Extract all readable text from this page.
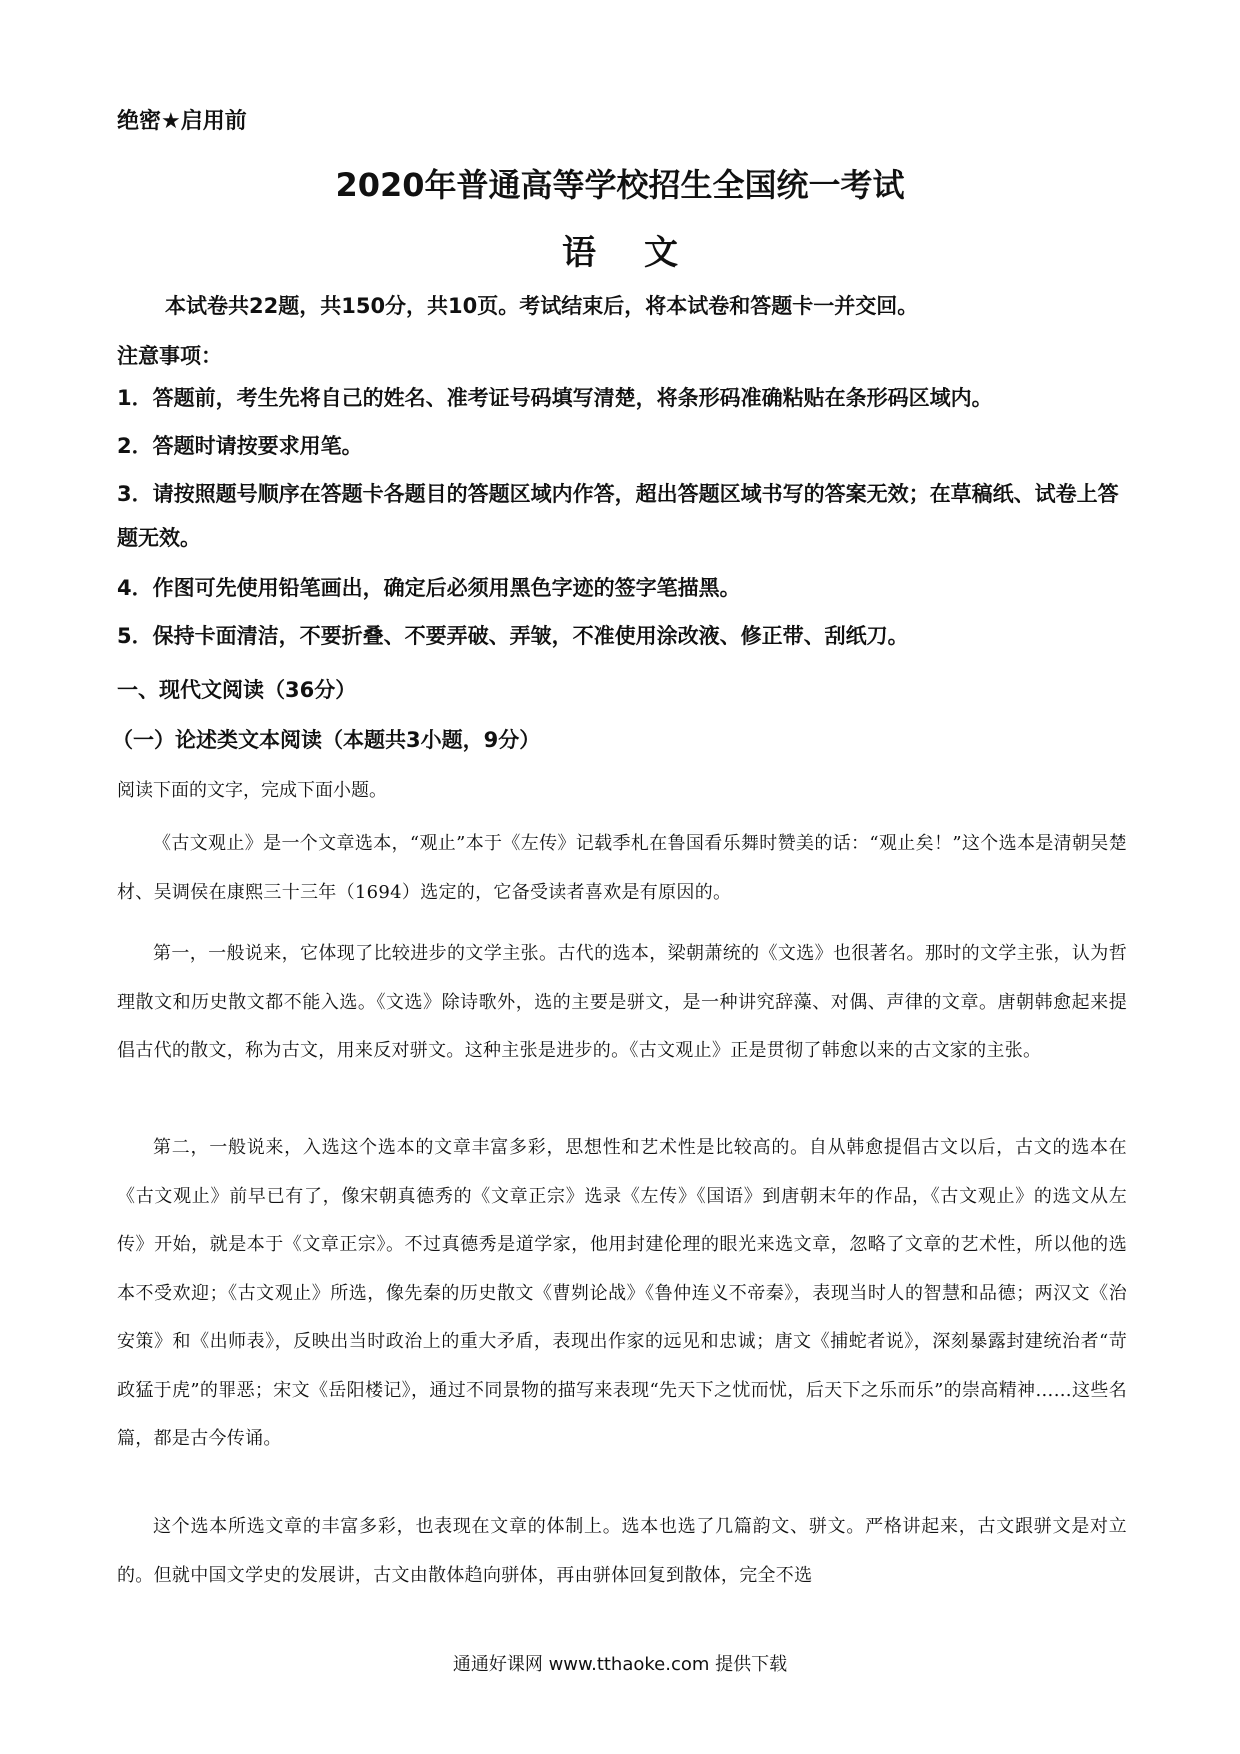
绝密★启用前
2020年普通高等学校招生全国统一考试
语文
本试卷共22题，共150分，共10页。考试结束后，将本试卷和答题卡一并交回。
注意事项：
1．答题前，考生先将自己的姓名、准考证号码填写清楚，将条形码准确粘贴在条形码区域内。
2．答题时请按要求用笔。
3．请按照题号顺序在答题卡各题目的答题区域内作答，超出答题区域书写的答案无效；在草稿纸、试卷上答题无效。
4．作图可先使用铅笔画出，确定后必须用黑色字迹的签字笔描黑。
5．保持卡面清洁，不要折叠、不要弄破、弄皱，不准使用涂改液、修正带、刮纸刀。
一、现代文阅读（36分）
（一）论述类文本阅读（本题共3小题，9分）
阅读下面的文字，完成下面小题。
《古文观止》是一个文章选本，“观止”本于《左传》记载季札在鲁国看乐舞时赞美的话：“观止矣！”这个选本是清朝吴楚材、吴调侯在康熙三十三年（1694）选定的，它备受读者喜欢是有原因的。
第一，一般说来，它体现了比较进步的文学主张。古代的选本，梁朝萧统的《文选》也很著名。那时的文学主张，认为哲理散文和历史散文都不能入选。《文选》除诗歌外，选的主要是骈文，是一种讲究辞藻、对偶、声律的文章。唐朝韩愈起来提倡古代的散文，称为古文，用来反对骈文。这种主张是进步的。《古文观止》正是贯彻了韩愈以来的古文家的主张。
第二，一般说来，入选这个选本的文章丰富多彩，思想性和艺术性是比较高的。自从韩愈提倡古文以后，古文的选本在《古文观止》前早已有了，像宋朝真德秀的《文章正宗》选录《左传》《国语》到唐朝末年的作品，《古文观止》的选文从左传》开始，就是本于《文章正宗》。不过真德秀是道学家，他用封建伦理的眼光来选文章，忽略了文章的艺术性，所以他的选本不受欢迎；《古文观止》所选，像先秦的历史散文《曹刿论战》《鲁仲连义不帝秦》，表现当时人的智慧和品德；两汉文《治安策》和《出师表》，反映出当时政治上的重大矛盾，表现出作家的远见和忠诚；唐文《捕蛇者说》，深刻暴露封建统治者“苛政猛于虎”的罪恶；宋文《岳阳楼记》，通过不同景物的描写来表现“先天下之忧而忧，后天下之乐而乐”的崇高精神……这些名篇，都是古今传诵。
这个选本所选文章的丰富多彩，也表现在文章的体制上。选本也选了几篇韵文、骈文。严格讲起来，古文跟骈文是对立的。但就中国文学史的发展讲，古文由散体趋向骈体，再由骈体回复到散体，完全不选
通通好课网 www.tthaoke.com 提供下载
